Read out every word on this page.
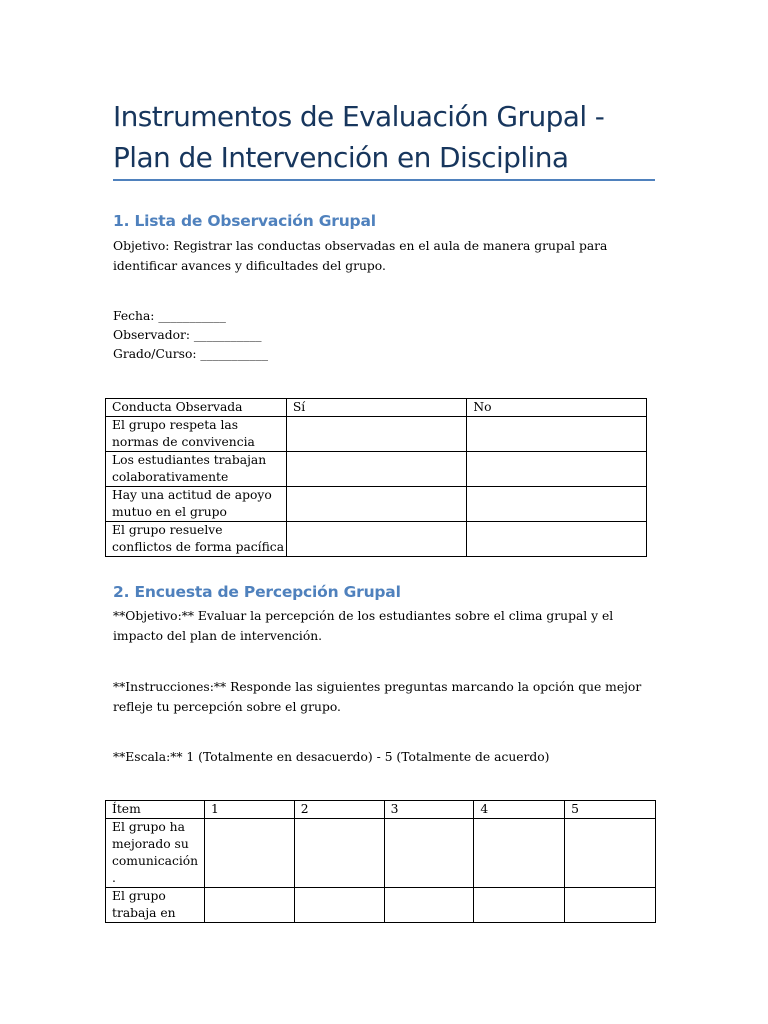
Instrumentos de Evaluación Grupal -
Plan de Intervención en Disciplina
1. Lista de Observación Grupal
Objetivo: Registrar las conductas observadas en el aula de manera grupal para identificar avances y dificultades del grupo.
Fecha: ___________
Observador: ___________
Grado/Curso: ___________
Conducta Observada	Sí	No
El grupo respeta las normas de convivencia		
Los estudiantes trabajan colaborativamente		
Hay una actitud de apoyo mutuo en el grupo		
El grupo resuelve conflictos de forma pacífica		
2. Encuesta de Percepción Grupal
**Objetivo:** Evaluar la percepción de los estudiantes sobre el clima grupal y el impacto del plan de intervención.
**Instrucciones:** Responde las siguientes preguntas marcando la opción que mejor refleje tu percepción sobre el grupo.
**Escala:** 1 (Totalmente en desacuerdo) - 5 (Totalmente de acuerdo)
Ítem	1	2	3	4	5
El grupo ha mejorado su comunicación .					
El grupo trabaja en					
